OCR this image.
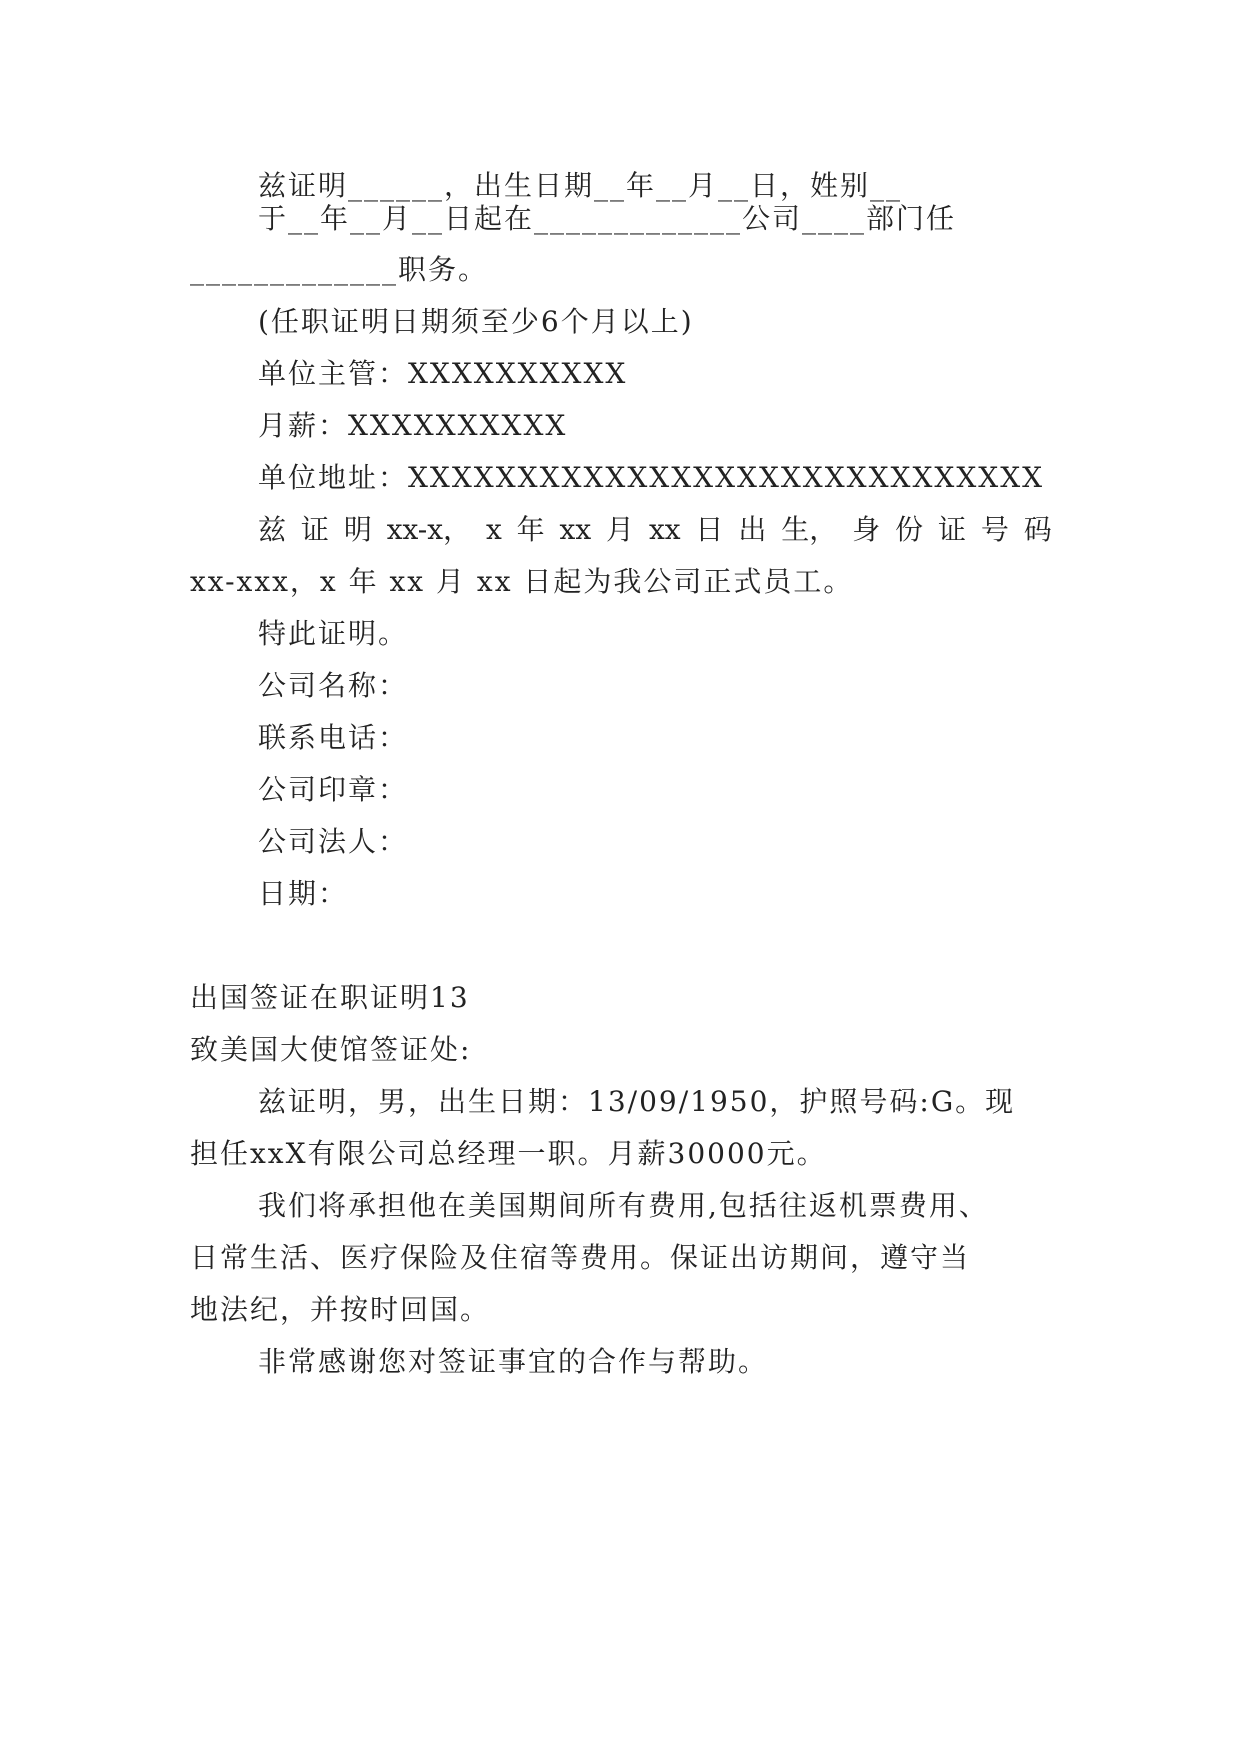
兹证明______，出生日期__年__月__日，姓别__
于__年__月__日起在_____________公司____部门任
_____________职务。
(任职证明日期须至少6个月以上)
单位主管：XXXXXXXXXX
月薪：XXXXXXXXXX
单位地址：XXXXXXXXXXXXXXXXXXXXXXXXXXXXX
兹 证 明 xx-x， x 年 xx 月 xx 日 出 生， 身 份 证 号 码
xx-xxx，x 年 xx 月 xx 日起为我公司正式员工。
特此证明。
公司名称：
联系电话：
公司印章：
公司法人：
日期：
出国签证在职证明13
致美国大使馆签证处:
兹证明，男，出生日期：13/09/1950，护照号码:G。现
担任xxX有限公司总经理一职。月薪30000元。
我们将承担他在美国期间所有费用,包括往返机票费用、
日常生活、医疗保险及住宿等费用。保证出访期间，遵守当
地法纪，并按时回国。
非常感谢您对签证事宜的合作与帮助。
